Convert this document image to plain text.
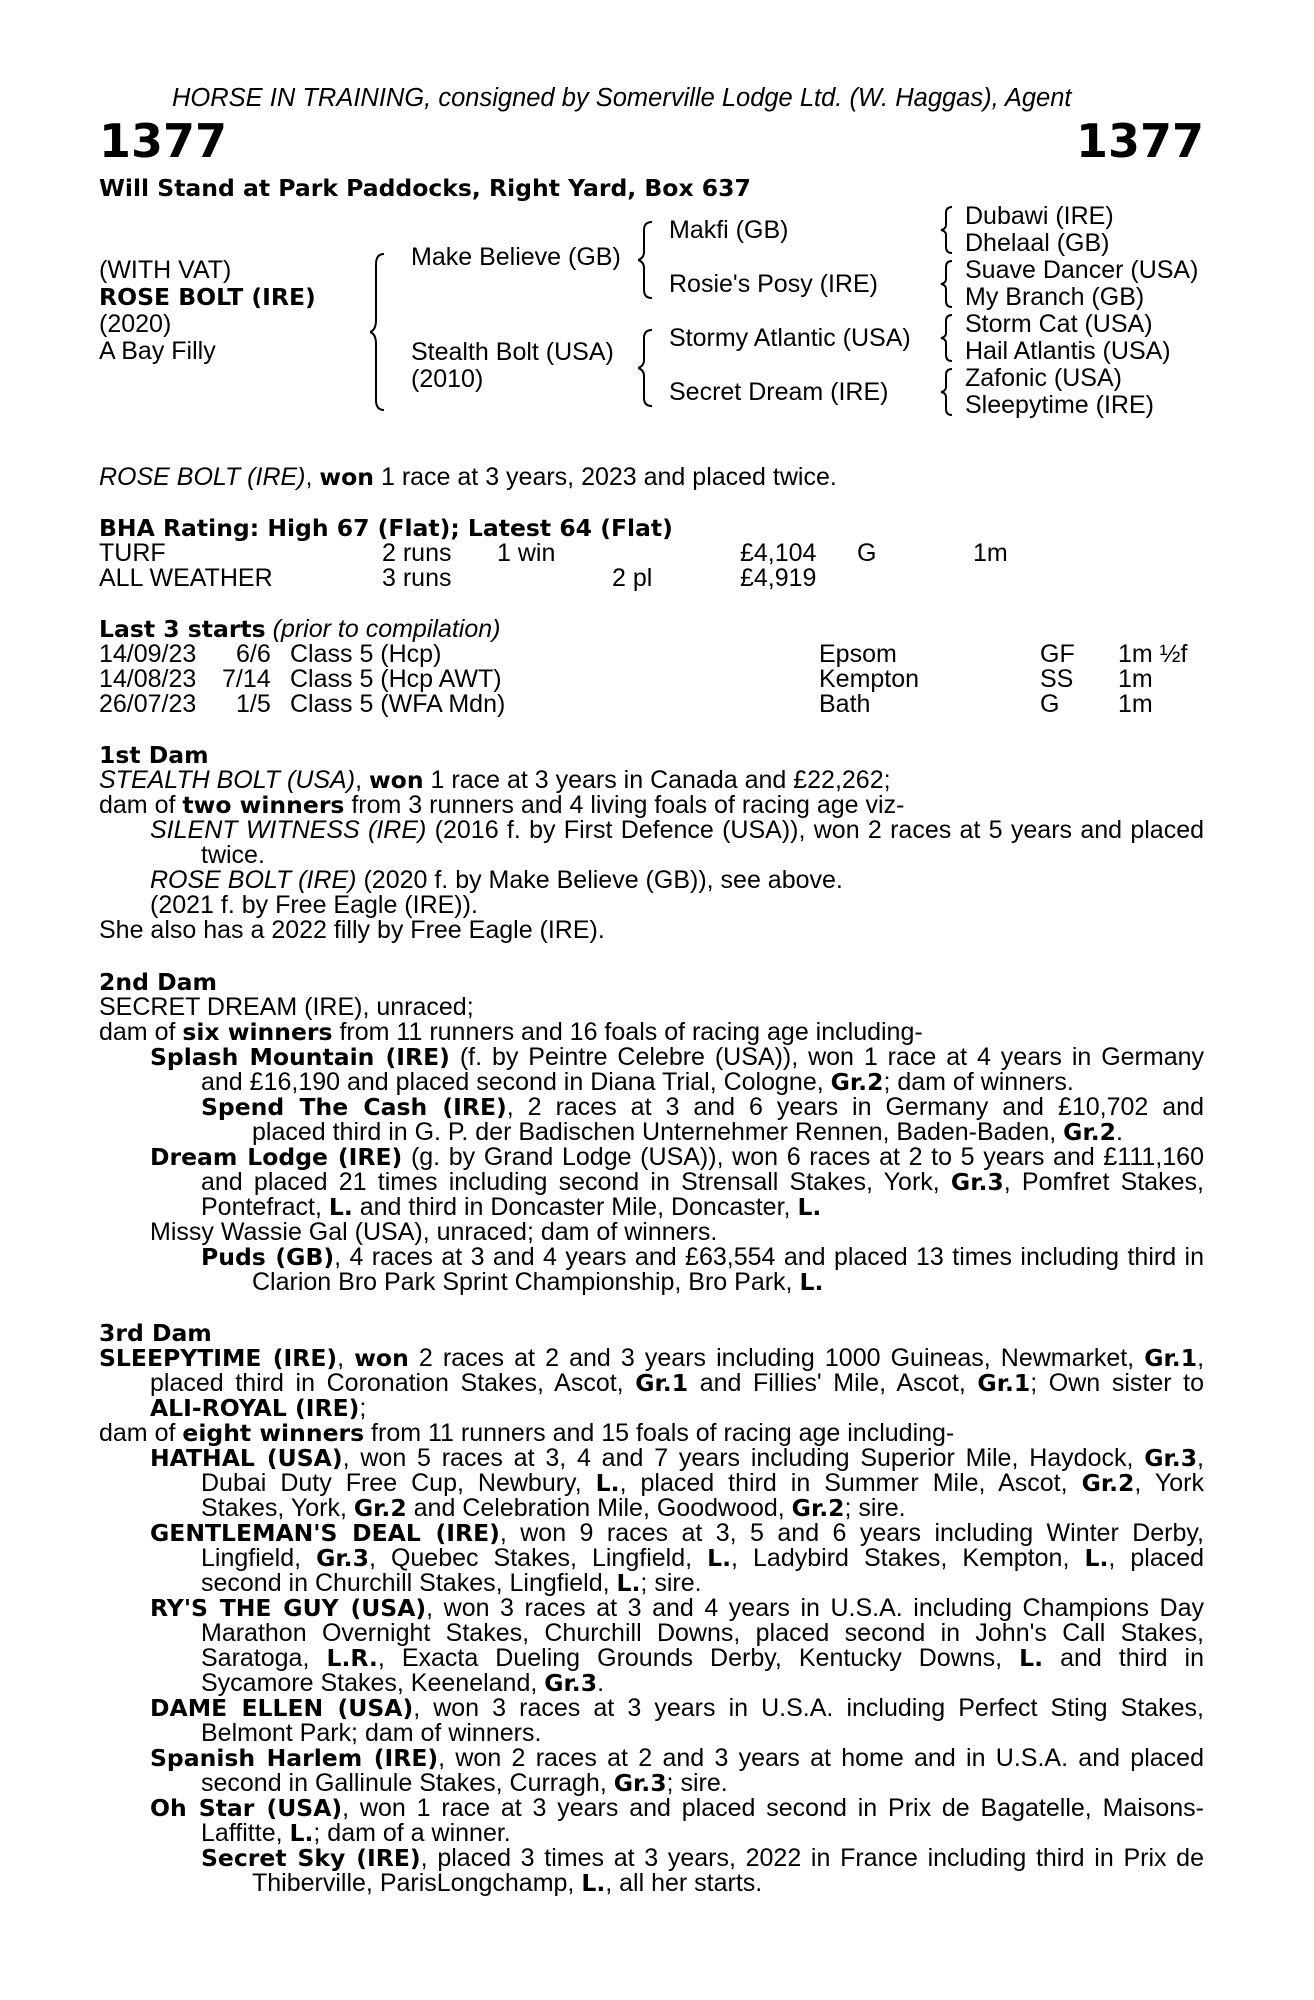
HORSE IN TRAINING, consigned by Somerville Lodge Ltd. (W. Haggas), Agent
1377	1377
Will Stand at Park Paddocks, Right Yard, Box 637
(WITH VAT)
ROSE BOLT (IRE)
(2020)
A Bay Filly
Make Believe (GB)
Stealth Bolt (USA)
(2010)
Makfi (GB)
Rosie's Posy (IRE)
Stormy Atlantic (USA)
Secret Dream (IRE)
Dubawi (IRE)
Dhelaal (GB)
Suave Dancer (USA)
My Branch (GB)
Storm Cat (USA)
Hail Atlantis (USA)
Zafonic (USA)
Sleepytime (IRE)
ROSE BOLT (IRE), won 1 race at 3 years, 2023 and placed twice.
BHA Rating: High 67 (Flat); Latest 64 (Flat)
TURF	2 runs 1 win	£4,104 G	1m
ALL WEATHER	3 runs	2 pl	£4,919
Last 3 starts (prior to compilation)
14/09/23 6/6 Class 5 (Hcp)	Epsom	GF 1m ½f
14/08/23 7/14 Class 5 (Hcp AWT)	Kempton	SS 1m
26/07/23 1/5 Class 5 (WFA Mdn)	Bath	G 1m
1st Dam
STEALTH BOLT (USA), won 1 race at 3 years in Canada and £22,262;
dam of two winners from 3 runners and 4 living foals of racing age viz-
SILENT WITNESS (IRE) (2016 f. by First Defence (USA)), won 2 races at 5 years and placed
twice.
ROSE BOLT (IRE) (2020 f. by Make Believe (GB)), see above.
(2021 f. by Free Eagle (IRE)).
She also has a 2022 filly by Free Eagle (IRE).
2nd Dam
SECRET DREAM (IRE), unraced;
dam of six winners from 11 runners and 16 foals of racing age including-
Splash Mountain (IRE) (f. by Peintre Celebre (USA)), won 1 race at 4 years in Germany
and £16,190 and placed second in Diana Trial, Cologne, Gr.2; dam of winners.
Spend The Cash (IRE), 2 races at 3 and 6 years in Germany and £10,702 and
placed third in G. P. der Badischen Unternehmer Rennen, Baden-Baden, Gr.2.
Dream Lodge (IRE) (g. by Grand Lodge (USA)), won 6 races at 2 to 5 years and £111,160
and placed 21 times including second in Strensall Stakes, York, Gr.3, Pomfret Stakes,
Pontefract, L. and third in Doncaster Mile, Doncaster, L.
Missy Wassie Gal (USA), unraced; dam of winners.
Puds (GB), 4 races at 3 and 4 years and £63,554 and placed 13 times including third in
Clarion Bro Park Sprint Championship, Bro Park, L.
3rd Dam
SLEEPYTIME (IRE), won 2 races at 2 and 3 years including 1000 Guineas, Newmarket, Gr.1,
placed third in Coronation Stakes, Ascot, Gr.1 and Fillies' Mile, Ascot, Gr.1; Own sister to
ALI-ROYAL (IRE);
dam of eight winners from 11 runners and 15 foals of racing age including-
HATHAL (USA), won 5 races at 3, 4 and 7 years including Superior Mile, Haydock, Gr.3,
Dubai Duty Free Cup, Newbury, L., placed third in Summer Mile, Ascot, Gr.2, York
Stakes, York, Gr.2 and Celebration Mile, Goodwood, Gr.2; sire.
GENTLEMAN'S DEAL (IRE), won 9 races at 3, 5 and 6 years including Winter Derby,
Lingfield, Gr.3, Quebec Stakes, Lingfield, L., Ladybird Stakes, Kempton, L., placed
second in Churchill Stakes, Lingfield, L.; sire.
RY'S THE GUY (USA), won 3 races at 3 and 4 years in U.S.A. including Champions Day
Marathon Overnight Stakes, Churchill Downs, placed second in John's Call Stakes,
Saratoga, L.R., Exacta Dueling Grounds Derby, Kentucky Downs, L. and third in
Sycamore Stakes, Keeneland, Gr.3.
DAME ELLEN (USA), won 3 races at 3 years in U.S.A. including Perfect Sting Stakes,
Belmont Park; dam of winners.
Spanish Harlem (IRE), won 2 races at 2 and 3 years at home and in U.S.A. and placed
second in Gallinule Stakes, Curragh, Gr.3; sire.
Oh Star (USA), won 1 race at 3 years and placed second in Prix de Bagatelle, Maisons-
Laffitte, L.; dam of a winner.
Secret Sky (IRE), placed 3 times at 3 years, 2022 in France including third in Prix de
Thiberville, ParisLongchamp, L., all her starts.
